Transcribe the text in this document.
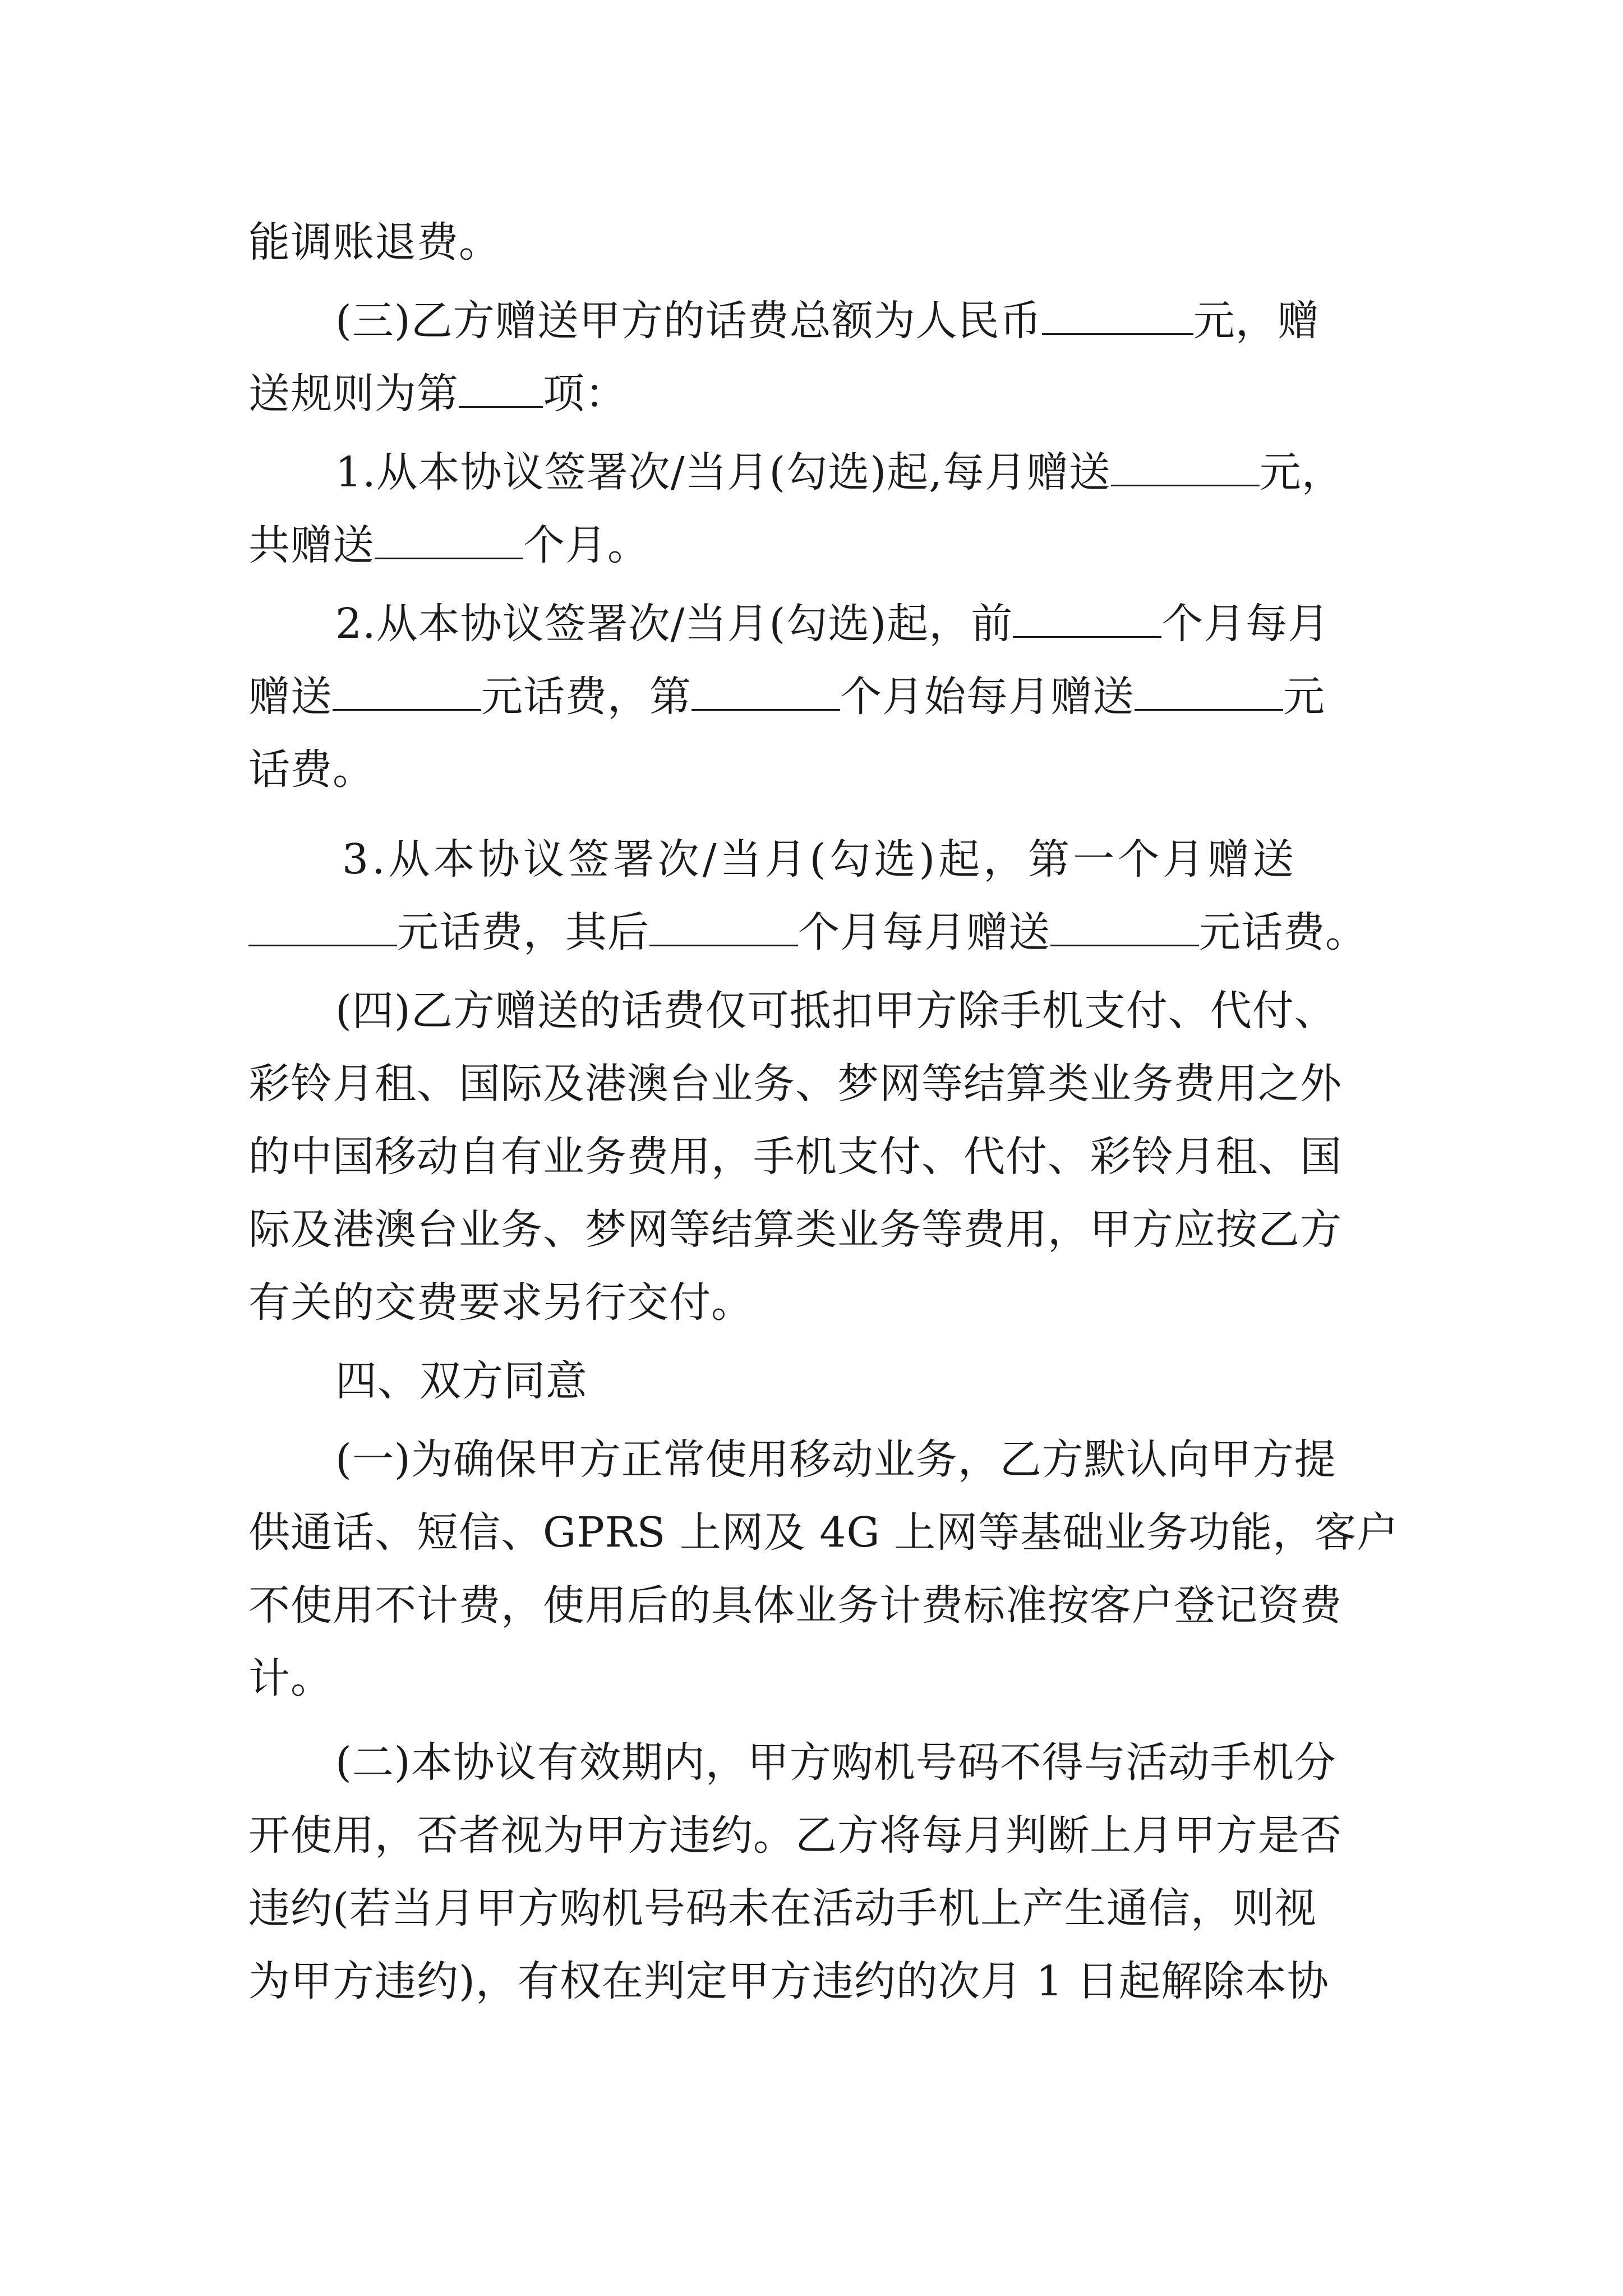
能调账退费。
(三)乙方赠送甲方的话费总额为人民币	元，赠
送规则为第 项：
1.从本协议签署次/当月(勾选)起,每月赠送	元，
共赠送	个月。
2.从本协议签署次/当月(勾选)起，前	个月每月
赠送	元话费，第	个月始每月赠送	元
话费。
3.从本协议签署次/当月(勾选)起，第一个月赠送
元话费，其后	个月每月赠送	元话费。
(四)乙方赠送的话费仅可抵扣甲方除手机支付、代付、
彩铃月租、国际及港澳台业务、梦网等结算类业务费用之外
的中国移动自有业务费用，手机支付、代付、彩铃月租、国
际及港澳台业务、梦网等结算类业务等费用，甲方应按乙方
有关的交费要求另行交付。
四、双方同意
(一)为确保甲方正常使用移动业务，乙方默认向甲方提
供通话、短信、GPRS 上网及 4G 上网等基础业务功能，客户
不使用不计费，使用后的具体业务计费标准按客户登记资费
计。
(二)本协议有效期内，甲方购机号码不得与活动手机分
开使用，否者视为甲方违约。乙方将每月判断上月甲方是否
违约(若当月甲方购机号码未在活动手机上产生通信，则视
为甲方违约)，有权在判定甲方违约的次月 1 日起解除本协
